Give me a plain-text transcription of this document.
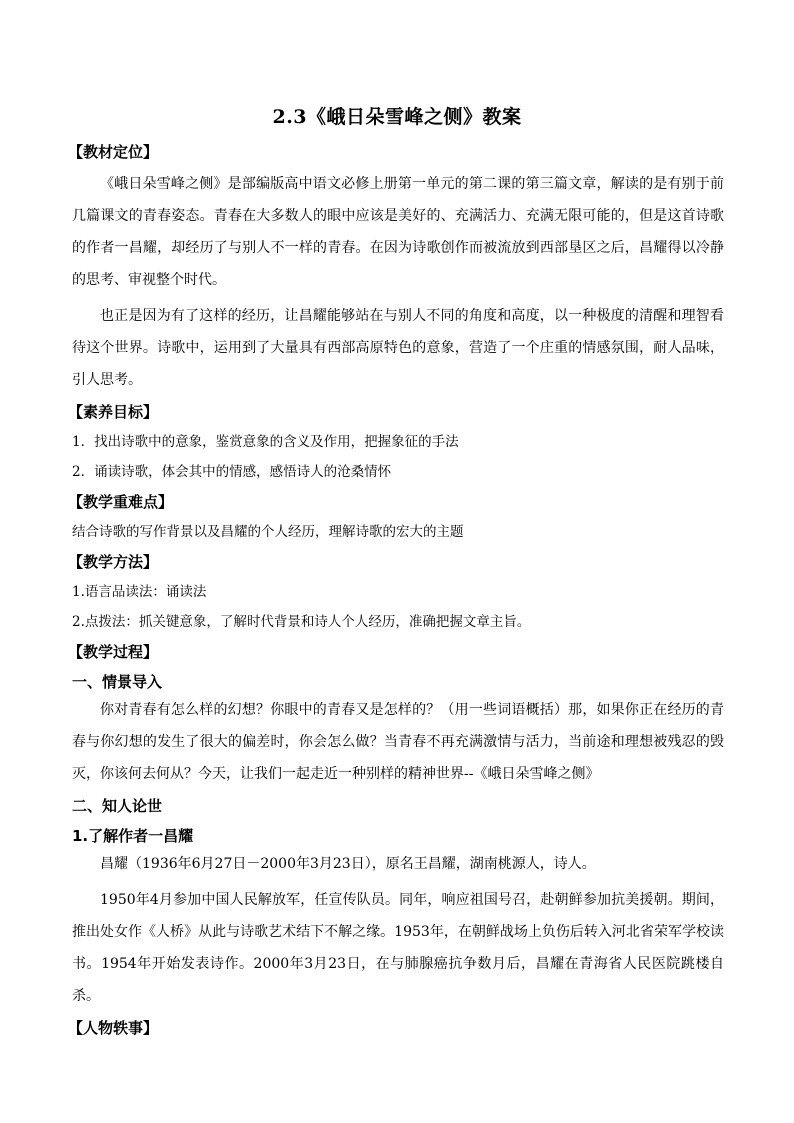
2.3《峨日朵雪峰之侧》教案

【教材定位】

《峨日朵雪峰之侧》是部编版高中语文必修上册第一单元的第二课的第三篇文章，解读的是有别于前几篇课文的青春姿态。青春在大多数人的眼中应该是美好的、充满活力、充满无限可能的，但是这首诗歌的作者一昌耀，却经历了与别人不一样的青春。在因为诗歌创作而被流放到西部垦区之后，昌耀得以冷静的思考、审视整个时代。

也正是因为有了这样的经历，让昌耀能够站在与别人不同的角度和高度，以一种极度的清醒和理智看待这个世界。诗歌中，运用到了大量具有西部高原特色的意象，营造了一个庄重的情感氛围，耐人品味，引人思考。

【素养目标】

1．找出诗歌中的意象，鉴赏意象的含义及作用，把握象征的手法

2．诵读诗歌，体会其中的情感，感悟诗人的沧桑情怀

【教学重难点】

结合诗歌的写作背景以及昌耀的个人经历，理解诗歌的宏大的主题

【教学方法】

1.语言品读法：诵读法

2.点拨法：抓关键意象，了解时代背景和诗人个人经历，准确把握文章主旨。

【教学过程】

一、情景导入

你对青春有怎么样的幻想？你眼中的青春又是怎样的？（用一些词语概括）那，如果你正在经历的青春与你幻想的发生了很大的偏差时，你会怎么做？当青春不再充满激情与活力，当前途和理想被残忍的毁灭，你该何去何从？今天，让我们一起走近一种别样的精神世界--《峨日朵雪峰之侧》

二、知人论世

1.了解作者一昌耀

昌耀（1936年6月27日－2000年3月23日），原名王昌耀，湖南桃源人，诗人。

1950年4月参加中国人民解放军，任宣传队员。同年，响应祖国号召，赴朝鲜参加抗美援朝。期间，推出处女作《人桥》从此与诗歌艺术结下不解之缘。1953年，在朝鲜战场上负伤后转入河北省荣军学校读书。1954年开始发表诗作。2000年3月23日，在与肺腺癌抗争数月后，昌耀在青海省人民医院跳楼自杀。

【人物轶事】
